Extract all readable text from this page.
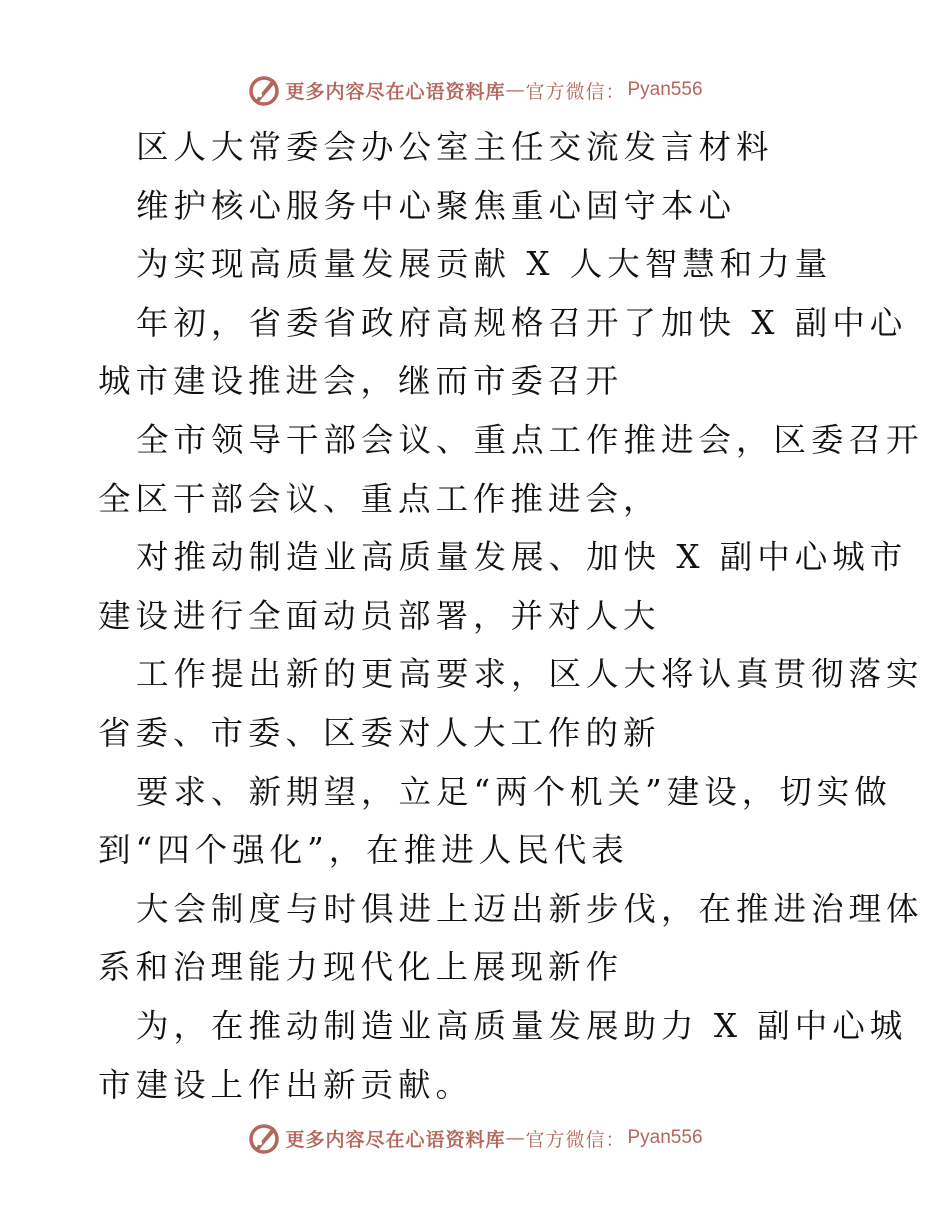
更多内容尽在心语资料库 — 官方微信： Pyan556
区人大常委会办公室主任交流发言材料
维护核心服务中心聚焦重心固守本心
为实现高质量发展贡献 X 人大智慧和力量
年初，省委省政府高规格召开了加快 X 副中心
城市建设推进会，继而市委召开
全市领导干部会议、重点工作推进会，区委召开
全区干部会议、重点工作推进会，
对推动制造业高质量发展、加快 X 副中心城市
建设进行全面动员部署，并对人大
工作提出新的更高要求，区人大将认真贯彻落实
省委、市委、区委对人大工作的新
要求、新期望，立足“两个机关”建设，切实做
到“四个强化”，在推进人民代表
大会制度与时俱进上迈出新步伐，在推进治理体
系和治理能力现代化上展现新作
为，在推动制造业高质量发展助力 X 副中心城
市建设上作出新贡献。
更多内容尽在心语资料库 — 官方微信： Pyan556
